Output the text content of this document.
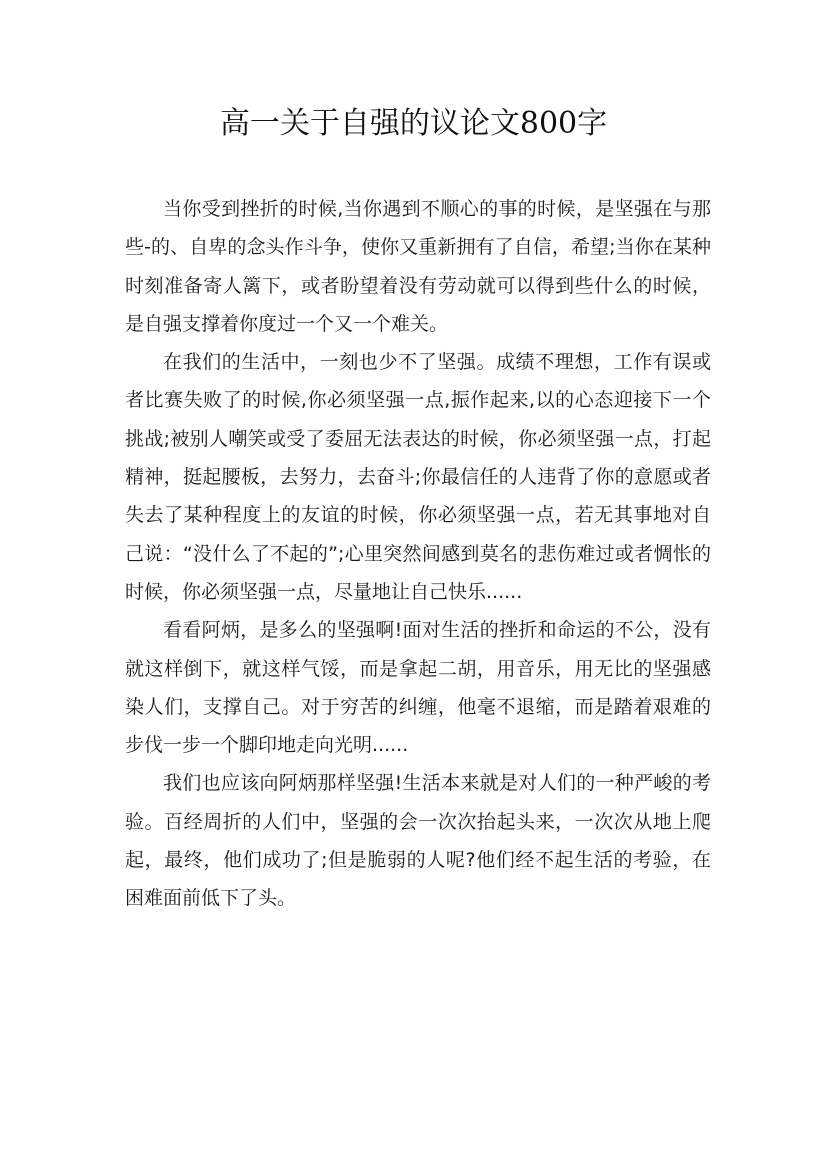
高一关于自强的议论文800字

当你受到挫折的时候,当你遇到不顺心的事的时候，是坚强在与那些-的、自卑的念头作斗争，使你又重新拥有了自信，希望;当你在某种时刻准备寄人篱下，或者盼望着没有劳动就可以得到些什么的时候，是自强支撑着你度过一个又一个难关。

在我们的生活中，一刻也少不了坚强。成绩不理想，工作有误或者比赛失败了的时候,你必须坚强一点,振作起来,以的心态迎接下一个挑战;被别人嘲笑或受了委屈无法表达的时候，你必须坚强一点，打起精神，挺起腰板，去努力，去奋斗;你最信任的人违背了你的意愿或者失去了某种程度上的友谊的时候，你必须坚强一点，若无其事地对自己说：“没什么了不起的”;心里突然间感到莫名的悲伤难过或者惆怅的时候，你必须坚强一点，尽量地让自己快乐......

看看阿炳，是多么的坚强啊!面对生活的挫折和命运的不公，没有就这样倒下，就这样气馁，而是拿起二胡，用音乐，用无比的坚强感染人们，支撑自己。对于穷苦的纠缠，他毫不退缩，而是踏着艰难的步伐一步一个脚印地走向光明......

我们也应该向阿炳那样坚强!生活本来就是对人们的一种严峻的考验。百经周折的人们中，坚强的会一次次抬起头来，一次次从地上爬起，最终，他们成功了;但是脆弱的人呢?他们经不起生活的考验，在困难面前低下了头。
